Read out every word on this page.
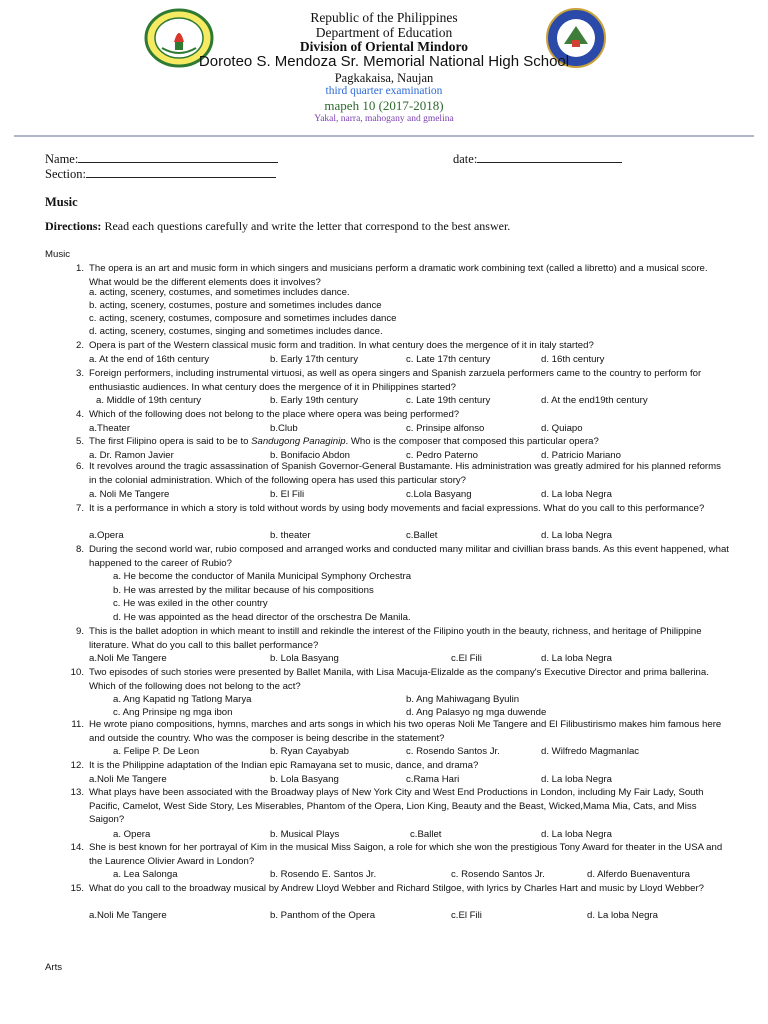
Republic of the Philippines
Department of Education
Division of Oriental Mindoro
Doroteo S. Mendoza Sr. Memorial National High School
Pagkakaisa, Naujan
third quarter examination
mapeh 10 (2017-2018)
Yakal, narra, mahogany and gmelina
Name:	date:
Section:
Music
Directions: Read each questions carefully and write the letter that correspond to the best answer.
Music
1. The opera is an art and music form in which singers and musicians perform a dramatic work combining text (called a libretto) and a musical score. What would be the different elements does it involves?
a. acting, scenery, costumes, and sometimes includes dance.
b. acting, scenery, costumes, posture and sometimes includes dance
c. acting, scenery, costumes, composure and sometimes includes dance
d. acting, scenery, costumes, singing and sometimes includes dance.
2. Opera is part of the Western classical music form and tradition. In what century does the mergence of it in italy started?
a. At the end of 16th century	b. Early 17th century	c. Late 17th century	d. 16th century
3. Foreign performers, including instrumental virtuosi, as well as opera singers and Spanish zarzuela performers came to the country to perform for enthusiastic audiences. In what century does the mergence of it in Philippines started?
a. Middle of 19th century	b. Early 19th century	c. Late 19th century	d. At the end19th century
4. Which of the following does not belong to the place where opera was being performed?
a.Theater	b.Club	c. Prinsipe alfonso	d. Quiapo
5. The first Filipino opera is said to be to Sandugong Panaginip. Who is the composer that composed this particular opera?
a. Dr. Ramon Javier	b. Bonifacio Abdon	c. Pedro Paterno	d. Patricio Mariano
6. It revolves around the tragic assassination of Spanish Governor-General Bustamante. His administration was greatly admired for his planned reforms in the colonial administration. Which of the following opera has used this particular story?
a. Noli Me Tangere	b. El Fili	c.Lola Basyang	d. La loba Negra
7. It is a performance in which a story is told without words by using body movements and facial expressions. What do you call to this performance?
a.Opera	b. theater	c.Ballet	d. La loba Negra
8. During the second world war, rubio composed and arranged works and conducted many militar and civillian brass bands. As this event happened, what happened to the career of Rubio?
a. He become the conductor of Manila Municipal Symphony Orchestra
b. He was arrested by the militar because of his compositions
c. He was exiled in the other country
d. He was appointed as the head director of the orschestra De Manila.
9. This is the ballet adoption in which meant to instill and rekindle the interest of the Filipino youth in the beauty, richness, and heritage of Philippine literature. What do you call to this ballet performance?
a.Noli Me Tangere	b. Lola Basyang	c.El Fili	d. La loba Negra
10. Two episodes of such stories were presented by Ballet Manila, with Lisa Macuja-Elizalde as the company's Executive Director and prima ballerina. Which of the following does not belong to the act?
a. Ang Kapatid ng Tatlong Marya	b. Ang Mahiwagang Byulin
c. Ang Prinsipe ng mga ibon	d. Ang Palasyo ng mga duwende
11. He wrote piano compositions, hymns, marches and arts songs in which his two operas Noli Me Tangere and El Filibustirismo makes him famous here and outside the country. Who was the composer is being describe in the statement?
a. Felipe P. De Leon	b. Ryan Cayabyab	c. Rosendo Santos Jr.	d. Wilfredo Magmanlac
12. It is the Philippine adaptation of the Indian epic Ramayana set to music, dance, and drama?
a.Noli Me Tangere	b. Lola Basyang	c.Rama Hari	d. La loba Negra
13. What plays have been associated with the Broadway plays of New York City and West End Productions in London, including My Fair Lady, South Pacific, Camelot, West Side Story, Les Miserables, Phantom of the Opera, Lion King, Beauty and the Beast, Wicked,Mama Mia, Cats, and Miss Saigon?
a. Opera	b. Musical Plays	c.Ballet	d. La loba Negra
14. She is best known for her portrayal of Kim in the musical Miss Saigon, a role for which she won the prestigious Tony Award for theater in the USA and the Laurence Olivier Award in London?
a. Lea Salonga	b. Rosendo E. Santos Jr.	c. Rosendo Santos Jr.	d. Alferdo Buenaventura
15. What do you call to the broadway musical by Andrew Lloyd Webber and Richard Stilgoe, with lyrics by Charles Hart and music by Lloyd Webber?
a.Noli Me Tangere	b. Panthom of the Opera	c.El Fili	d. La loba Negra
Arts
